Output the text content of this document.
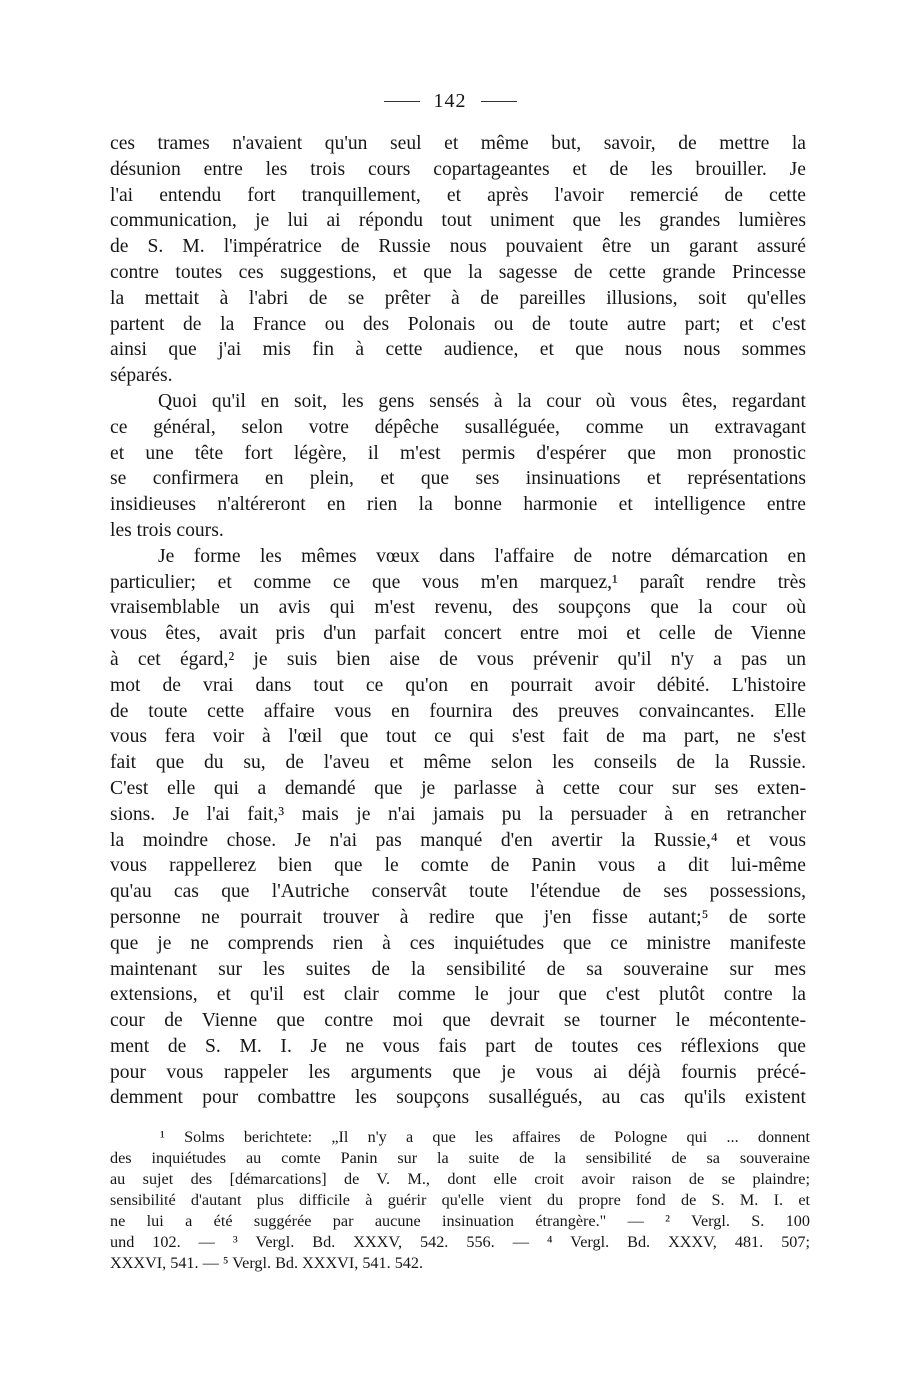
142
ces trames n'avaient qu'un seul et même but, savoir, de mettre la
désunion entre les trois cours copartageantes et de les brouiller. Je
l'ai entendu fort tranquillement, et après l'avoir remercié de cette
communication, je lui ai répondu tout uniment que les grandes lumières
de S. M. l'impératrice de Russie nous pouvaient être un garant assuré
contre toutes ces suggestions, et que la sagesse de cette grande Princesse
la mettait à l'abri de se prêter à de pareilles illusions, soit qu'elles
partent de la France ou des Polonais ou de toute autre part; et c'est
ainsi que j'ai mis fin à cette audience, et que nous nous sommes
séparés.
Quoi qu'il en soit, les gens sensés à la cour où vous êtes, regardant
ce général, selon votre dépêche susalléguée, comme un extravagant
et une tête fort légère, il m'est permis d'espérer que mon pronostic
se confirmera en plein, et que ses insinuations et représentations
insidieuses n'altéreront en rien la bonne harmonie et intelligence entre
les trois cours.
Je forme les mêmes vœux dans l'affaire de notre démarcation en
particulier; et comme ce que vous m'en marquez,¹ paraît rendre très
vraisemblable un avis qui m'est revenu, des soupçons que la cour où
vous êtes, avait pris d'un parfait concert entre moi et celle de Vienne
à cet égard,² je suis bien aise de vous prévenir qu'il n'y a pas un
mot de vrai dans tout ce qu'on en pourrait avoir débité. L'histoire
de toute cette affaire vous en fournira des preuves convaincantes. Elle
vous fera voir à l'œil que tout ce qui s'est fait de ma part, ne s'est
fait que du su, de l'aveu et même selon les conseils de la Russie.
C'est elle qui a demandé que je parlasse à cette cour sur ses exten-
sions. Je l'ai fait,³ mais je n'ai jamais pu la persuader à en retrancher
la moindre chose. Je n'ai pas manqué d'en avertir la Russie,⁴ et vous
vous rappellerez bien que le comte de Panin vous a dit lui-même
qu'au cas que l'Autriche conservât toute l'étendue de ses possessions,
personne ne pourrait trouver à redire que j'en fisse autant;⁵ de sorte
que je ne comprends rien à ces inquiétudes que ce ministre manifeste
maintenant sur les suites de la sensibilité de sa souveraine sur mes
extensions, et qu'il est clair comme le jour que c'est plutôt contre la
cour de Vienne que contre moi que devrait se tourner le mécontente-
ment de S. M. I. Je ne vous fais part de toutes ces réflexions que
pour vous rappeler les arguments que je vous ai déjà fournis précé-
demment pour combattre les soupçons susallégués, au cas qu'ils existent
¹ Solms berichtete: „Il n'y a que les affaires de Pologne qui ... donnent
des inquiétudes au comte Panin sur la suite de la sensibilité de sa souveraine
au sujet des [démarcations] de V. M., dont elle croit avoir raison de se plaindre;
sensibilité d'autant plus difficile à guérir qu'elle vient du propre fond de S. M. I. et
ne lui a été suggérée par aucune insinuation étrangère." — ² Vergl. S. 100
und 102. — ³ Vergl. Bd. XXXV, 542. 556. — ⁴ Vergl. Bd. XXXV, 481. 507;
XXXVI, 541. — ⁵ Vergl. Bd. XXXVI, 541. 542.
